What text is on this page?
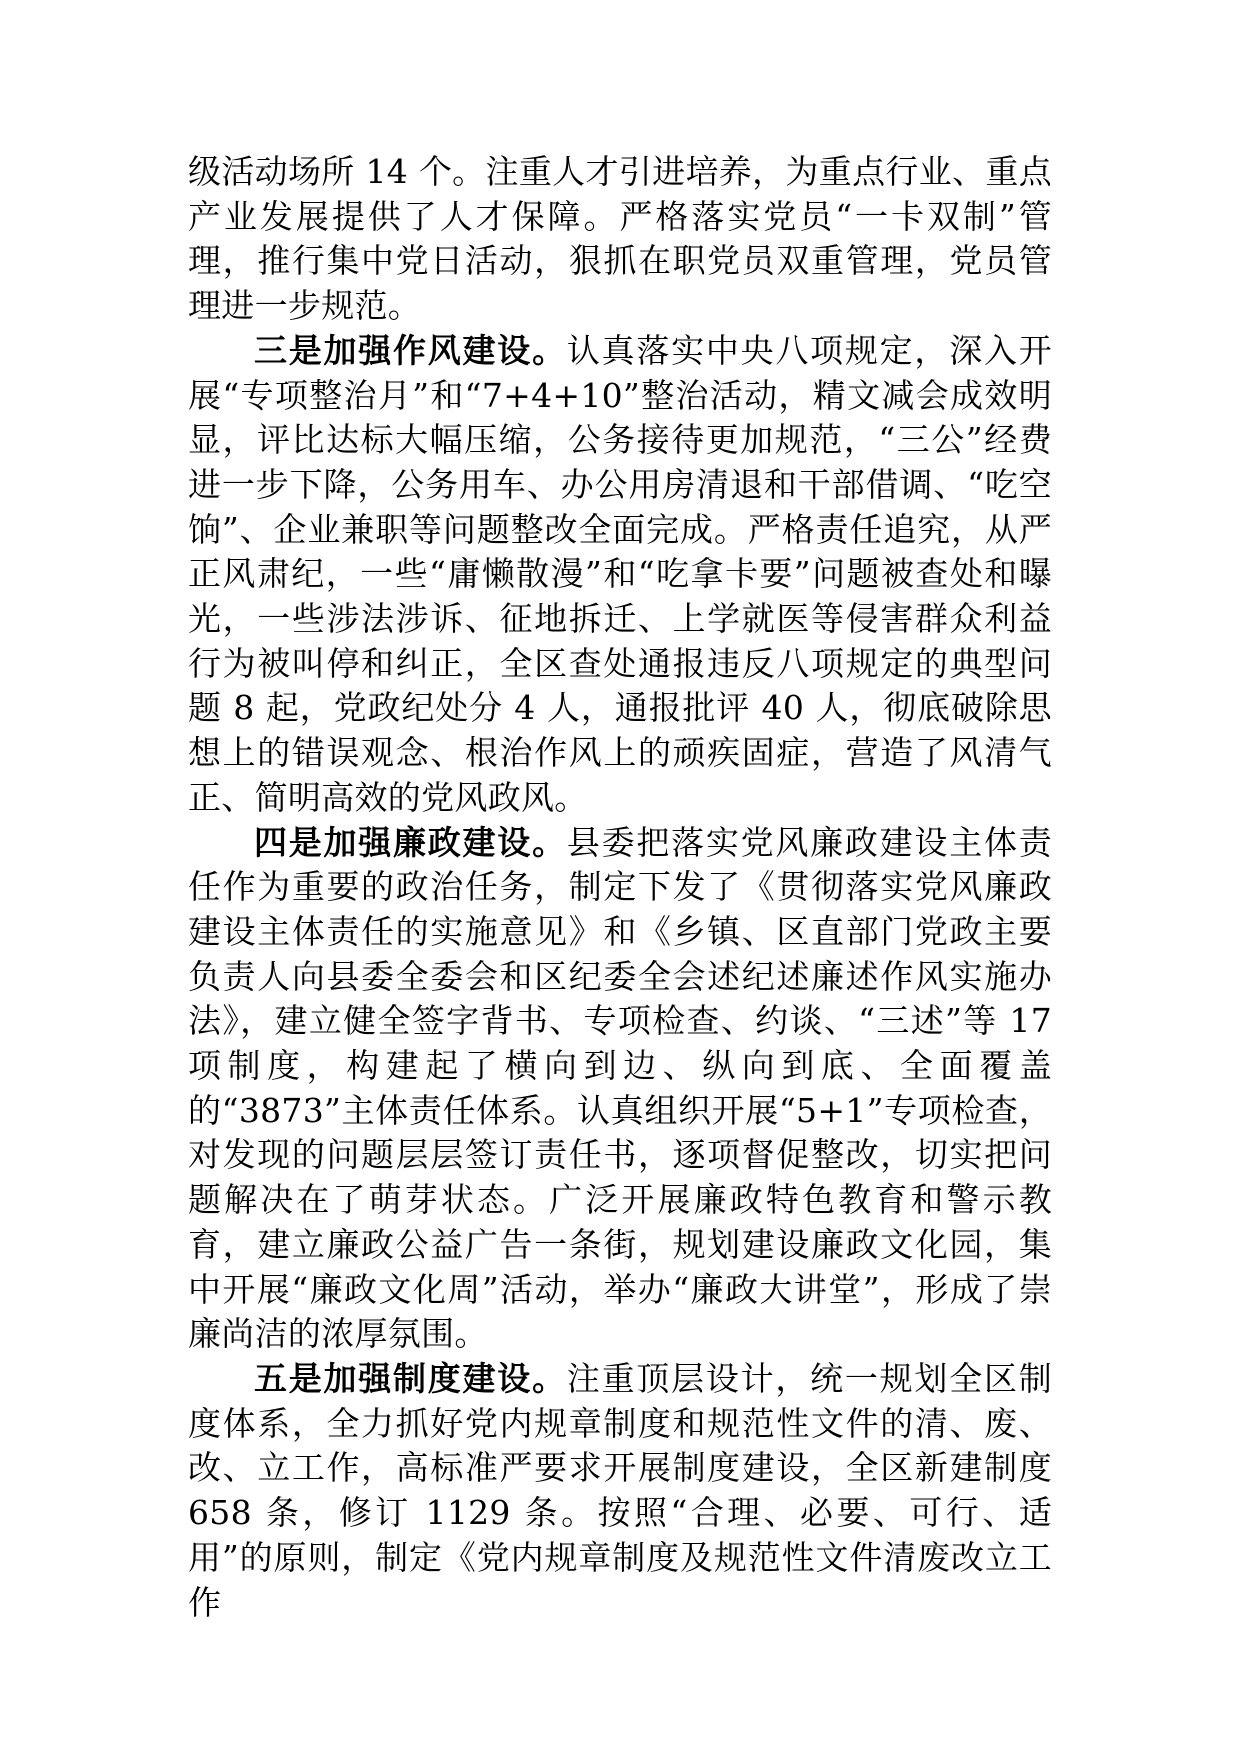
级活动场所 14 个。注重人才引进培养，为重点行业、重点产业发展提供了人才保障。严格落实党员“一卡双制”管理，推行集中党日活动，狠抓在职党员双重管理，党员管理进一步规范。

三是加强作风建设。认真落实中央八项规定，深入开展“专项整治月”和“7+4+10”整治活动，精文减会成效明显，评比达标大幅压缩，公务接待更加规范，“三公”经费进一步下降，公务用车、办公用房清退和干部借调、“吃空饷”、企业兼职等问题整改全面完成。严格责任追究，从严正风肃纪，一些“庸懒散漫”和“吃拿卡要”问题被查处和曝光，一些涉法涉诉、征地拆迁、上学就医等侵害群众利益行为被叫停和纠正，全区查处通报违反八项规定的典型问题 8 起，党政纪处分 4 人，通报批评 40 人，彻底破除思想上的错误观念、根治作风上的顽疾固症，营造了风清气正、简明高效的党风政风。

四是加强廉政建设。县委把落实党风廉政建设主体责任作为重要的政治任务，制定下发了《贯彻落实党风廉政建设主体责任的实施意见》和《乡镇、区直部门党政主要负责人向县委全委会和区纪委全会述纪述廉述作风实施办法》，建立健全签字背书、专项检查、约谈、“三述”等 17 项制度，构建起了横向到边、纵向到底、全面覆盖的“3873”主体责任体系。认真组织开展“5+1”专项检查，对发现的问题层层签订责任书，逐项督促整改，切实把问题解决在了萌芽状态。广泛开展廉政特色教育和警示教育，建立廉政公益广告一条街，规划建设廉政文化园，集中开展“廉政文化周”活动，举办“廉政大讲堂”，形成了崇廉尚洁的浓厚氛围。

五是加强制度建设。注重顶层设计，统一规划全区制度体系，全力抓好党内规章制度和规范性文件的清、废、改、立工作，高标准严要求开展制度建设，全区新建制度 658 条，修订 1129 条。按照“合理、必要、可行、适用”的原则，制定《党内规章制度及规范性文件清废改立工作
